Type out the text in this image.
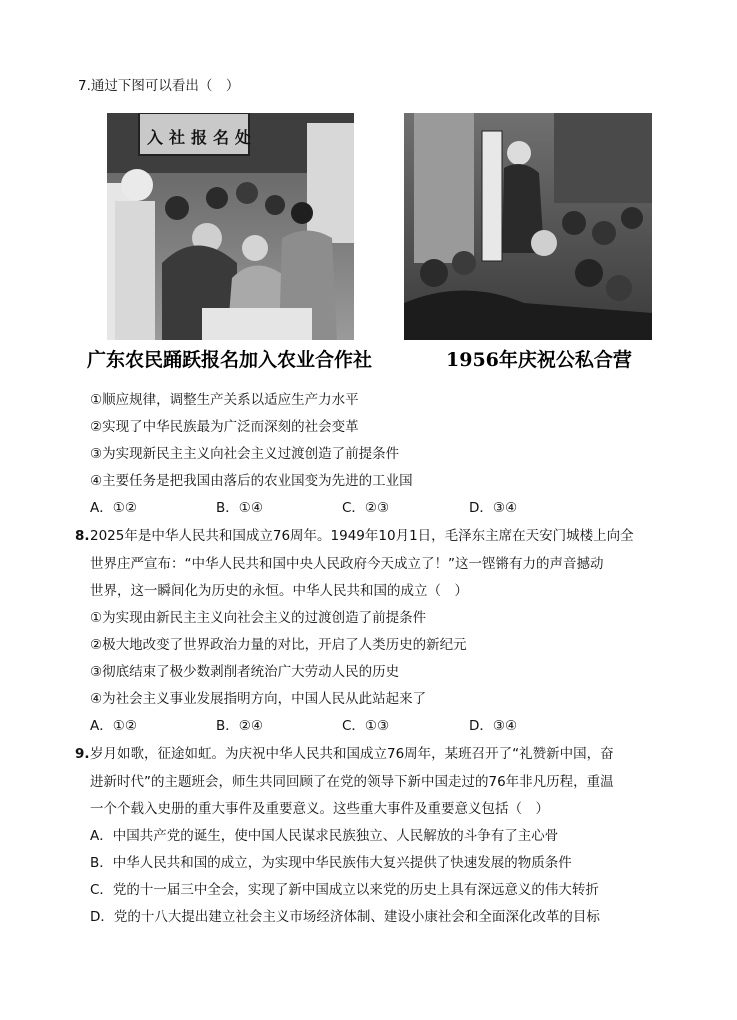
7.通过下图可以看出（　）
入社报名处
广东农民踊跃报名加入农业合作社	1956年庆祝公私合营
①顺应规律，调整生产关系以适应生产力水平
②实现了中华民族最为广泛而深刻的社会变革
③为实现新民主主义向社会主义过渡创造了前提条件
④主要任务是把我国由落后的农业国变为先进的工业国
A．①②	B．①④	C．②③	D．③④
8. 2025年是中华人民共和国成立76周年。1949年10月1日，毛泽东主席在天安门城楼上向全
世界庄严宣布：“中华人民共和国中央人民政府今天成立了！”这一铿锵有力的声音撼动
世界，这一瞬间化为历史的永恒。中华人民共和国的成立（　）
①为实现由新民主主义向社会主义的过渡创造了前提条件
②极大地改变了世界政治力量的对比，开启了人类历史的新纪元
③彻底结束了极少数剥削者统治广大劳动人民的历史
④为社会主义事业发展指明方向，中国人民从此站起来了
A．①②	B．②④	C．①③	D．③④
9. 岁月如歌，征途如虹。为庆祝中华人民共和国成立76周年，某班召开了“礼赞新中国，奋
进新时代”的主题班会，师生共同回顾了在党的领导下新中国走过的76年非凡历程，重温
一个个载入史册的重大事件及重要意义。这些重大事件及重要意义包括（　）
A．中国共产党的诞生，使中国人民谋求民族独立、人民解放的斗争有了主心骨
B．中华人民共和国的成立，为实现中华民族伟大复兴提供了快速发展的物质条件
C．党的十一届三中全会，实现了新中国成立以来党的历史上具有深远意义的伟大转折
D．党的十八大提出建立社会主义市场经济体制、建设小康社会和全面深化改革的目标
